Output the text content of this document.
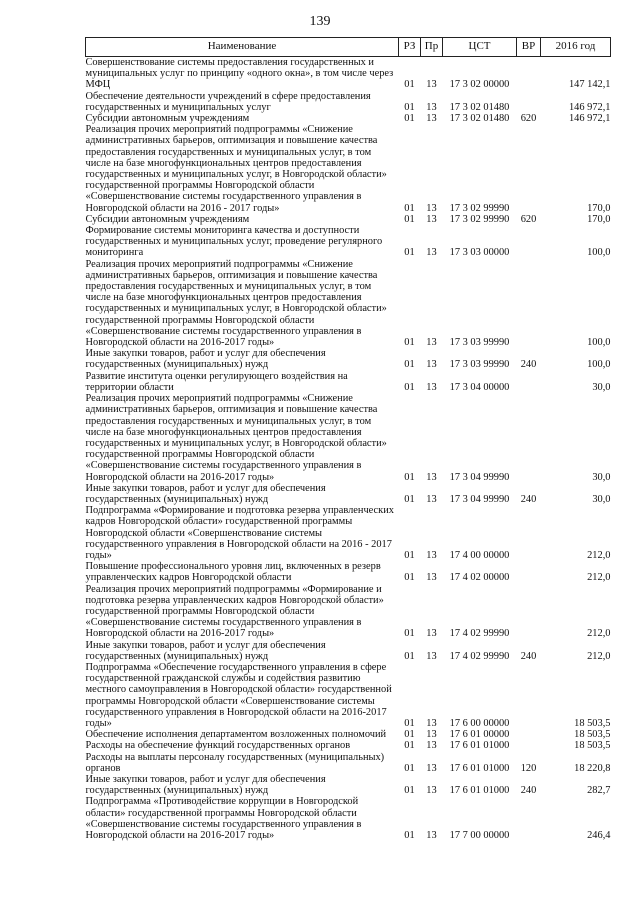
139
Наименование	РЗ	Пр	ЦСТ	ВР	2016 год
Совершенствование системы предоставления государственных и муниципальных услуг по принципу «одного окна», в том числе через МФЦ	01	13	17 3 02 00000		147 142,1
Обеспечение деятельности учреждений в сфере предоставления государственных и муниципальных услуг	01	13	17 3 02 01480		146 972,1
Субсидии автономным учреждениям	01	13	17 3 02 01480	620	146 972,1
Реализация прочих мероприятий подпрограммы «Снижение административных барьеров, оптимизация и повышение качества предоставления государственных и муниципальных услуг, в том числе на базе многофункциональных центров предоставления государственных и муниципальных услуг, в Новгородской области» государственной программы Новгородской области «Совершенствование системы государственного управления в Новгородской области на 2016 - 2017 годы»	01	13	17 3 02 99990		170,0
Субсидии автономным учреждениям	01	13	17 3 02 99990	620	170,0
Формирование системы мониторинга качества и доступности государственных и муниципальных услуг, проведение регулярного мониторинга	01	13	17 3 03 00000		100,0
Реализация прочих мероприятий подпрограммы «Снижение административных барьеров, оптимизация и повышение качества предоставления государственных и муниципальных услуг, в том числе на базе многофункциональных центров предоставления государственных и муниципальных услуг, в Новгородской области» государственной программы Новгородской области «Совершенствование системы государственного управления в Новгородской области на 2016-2017 годы»	01	13	17 3 03 99990		100,0
Иные закупки товаров, работ и услуг для обеспечения государственных (муниципальных) нужд	01	13	17 3 03 99990	240	100,0
Развитие института оценки регулирующего воздействия на территории области	01	13	17 3 04 00000		30,0
Реализация прочих мероприятий подпрограммы «Снижение административных барьеров, оптимизация и повышение качества предоставления государственных и муниципальных услуг, в том числе на базе многофункциональных центров предоставления государственных и муниципальных услуг, в Новгородской области» государственной программы Новгородской области «Совершенствование системы государственного управления в Новгородской области на 2016-2017 годы»	01	13	17 3 04 99990		30,0
Иные закупки товаров, работ и услуг для обеспечения государственных (муниципальных) нужд	01	13	17 3 04 99990	240	30,0
Подпрограмма «Формирование и подготовка резерва управленческих кадров Новгородской области» государственной программы Новгородской области «Совершенствование системы государственного управления в Новгородской области на 2016 - 2017 годы»	01	13	17 4 00 00000		212,0
Повышение профессионального уровня лиц, включенных в резерв управленческих кадров Новгородской области	01	13	17 4 02 00000		212,0
Реализация прочих мероприятий подпрограммы «Формирование и подготовка резерва управленческих кадров Новгородской области» государственной программы Новгородской области «Совершенствование системы государственного управления в Новгородской области на 2016-2017 годы»	01	13	17 4 02 99990		212,0
Иные закупки товаров, работ и услуг для обеспечения государственных (муниципальных) нужд	01	13	17 4 02 99990	240	212,0
Подпрограмма «Обеспечение государственного управления в сфере государственной гражданской службы и содействия развитию местного самоуправления в Новгородской области» государственной программы Новгородской области «Совершенствование системы государственного управления в Новгородской области на 2016-2017 годы»	01	13	17 6 00 00000		18 503,5
Обеспечение исполнения департаментом возложенных полномочий	01	13	17 6 01 00000		18 503,5
Расходы на обеспечение функций государственных органов	01	13	17 6 01 01000		18 503,5
Расходы на выплаты персоналу государственных (муниципальных) органов	01	13	17 6 01 01000	120	18 220,8
Иные закупки товаров, работ и услуг для обеспечения государственных (муниципальных) нужд	01	13	17 6 01 01000	240	282,7
Подпрограмма «Противодействие коррупции в Новгородской области» государственной программы Новгородской области «Совершенствование системы государственного управления в Новгородской области на 2016-2017 годы»	01	13	17 7 00 00000		246,4
